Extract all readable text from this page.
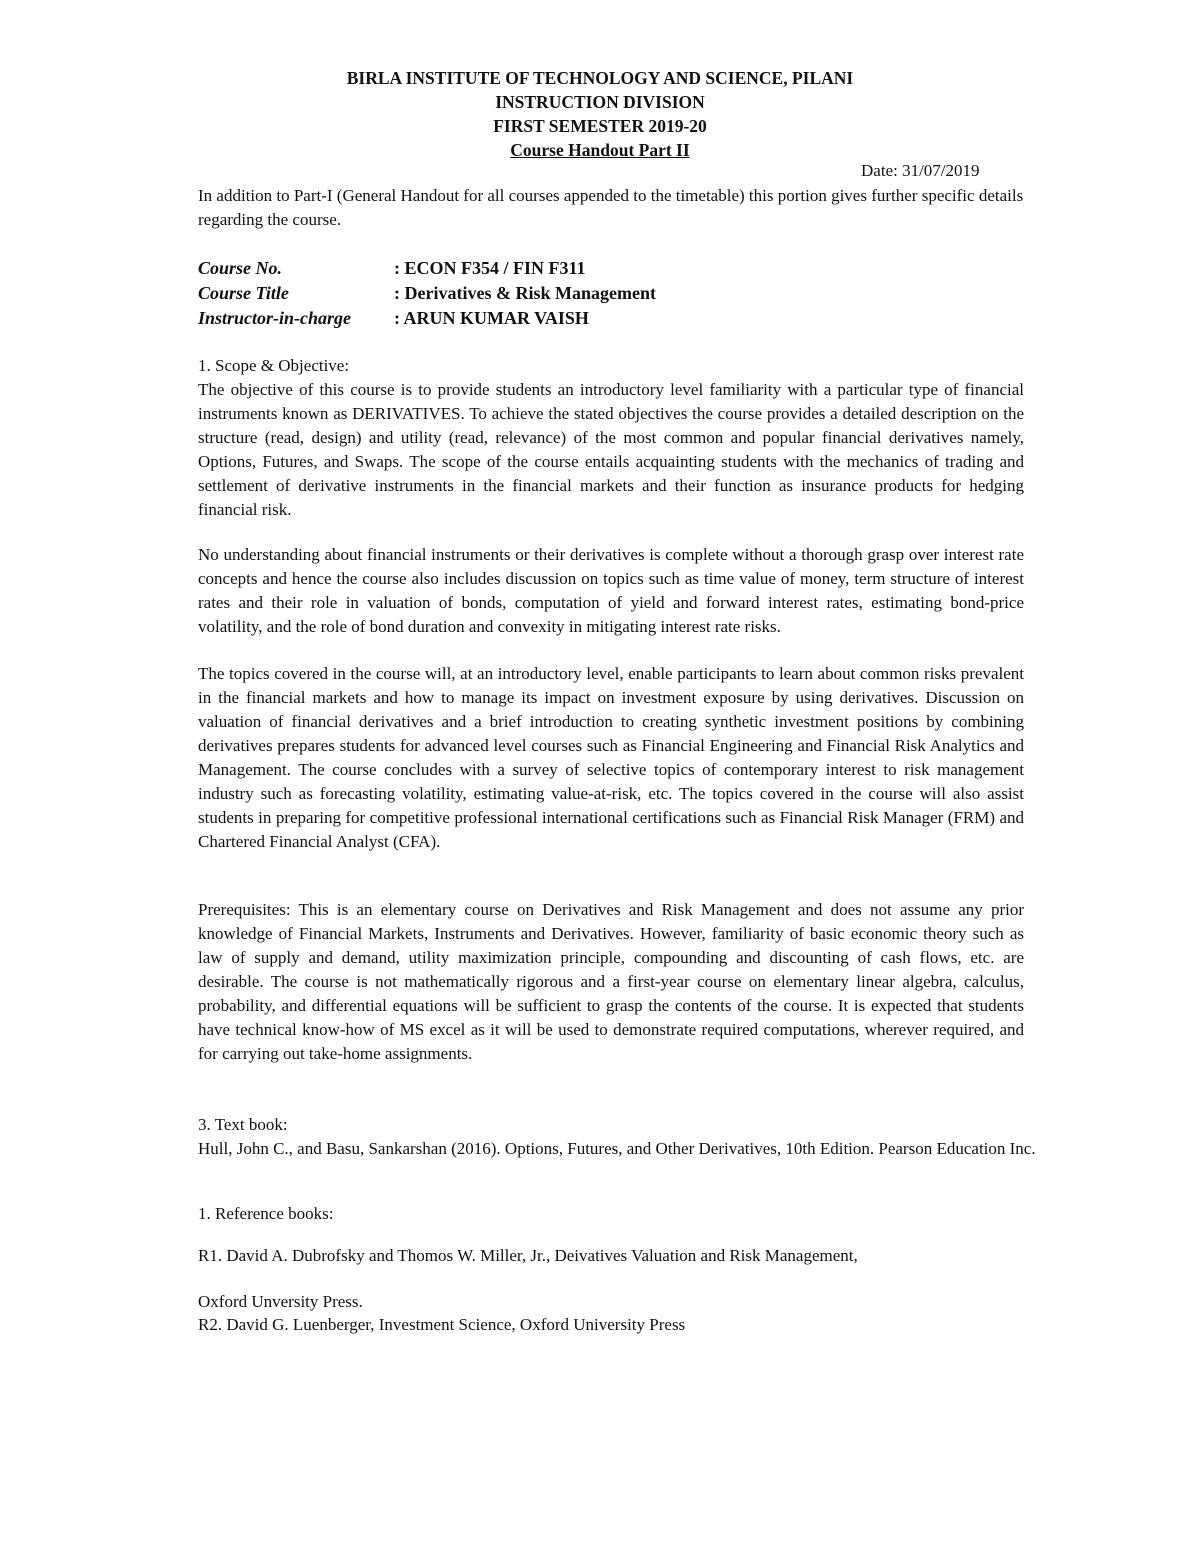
BIRLA INSTITUTE OF TECHNOLOGY AND SCIENCE, PILANI
INSTRUCTION DIVISION
FIRST SEMESTER 2019-20
Course Handout Part II
Date: 31/07/2019

In addition to Part-I (General Handout for all courses appended to the timetable) this portion gives further specific details regarding the course.

Course No.	: ECON F354 / FIN F311
Course Title	: Derivatives & Risk Management
Instructor-in-charge	: ARUN KUMAR VAISH
1. Scope & Objective:

The objective of this course is to provide students an introductory level familiarity with a particular type of financial instruments known as DERIVATIVES. To achieve the stated objectives the course provides a detailed description on the structure (read, design) and utility (read, relevance) of the most common and popular financial derivatives namely, Options, Futures, and Swaps. The scope of the course entails acquainting students with the mechanics of trading and settlement of derivative instruments in the financial markets and their function as insurance products for hedging financial risk.

No understanding about financial instruments or their derivatives is complete without a thorough grasp over interest rate concepts and hence the course also includes discussion on topics such as time value of money, term structure of interest rates and their role in valuation of bonds, computation of yield and forward interest rates, estimating bond-price volatility, and the role of bond duration and convexity in mitigating interest rate risks.

The topics covered in the course will, at an introductory level, enable participants to learn about common risks prevalent in the financial markets and how to manage its impact on investment exposure by using derivatives. Discussion on valuation of financial derivatives and a brief introduction to creating synthetic investment positions by combining derivatives prepares students for advanced level courses such as Financial Engineering and Financial Risk Analytics and Management. The course concludes with a survey of selective topics of contemporary interest to risk management industry such as forecasting volatility, estimating value-at-risk, etc. The topics covered in the course will also assist students in preparing for competitive professional international certifications such as Financial Risk Manager (FRM) and Chartered Financial Analyst (CFA).

Prerequisites: This is an elementary course on Derivatives and Risk Management and does not assume any prior knowledge of Financial Markets, Instruments and Derivatives. However, familiarity of basic economic theory such as law of supply and demand, utility maximization principle, compounding and discounting of cash flows, etc. are desirable. The course is not mathematically rigorous and a first-year course on elementary linear algebra, calculus, probability, and differential equations will be sufficient to grasp the contents of the course. It is expected that students have technical know-how of MS excel as it will be used to demonstrate required computations, wherever required, and for carrying out take-home assignments.

3. Text book:

Hull, John C., and Basu, Sankarshan (2016). Options, Futures, and Other Derivatives, 10th Edition. Pearson Education Inc.

1. Reference books:
R1. David A. Dubrofsky and Thomos W. Miller, Jr., Deivatives Valuation and Risk Management,
Oxford Unversity Press.
R2. David G. Luenberger, Investment Science, Oxford University Press
